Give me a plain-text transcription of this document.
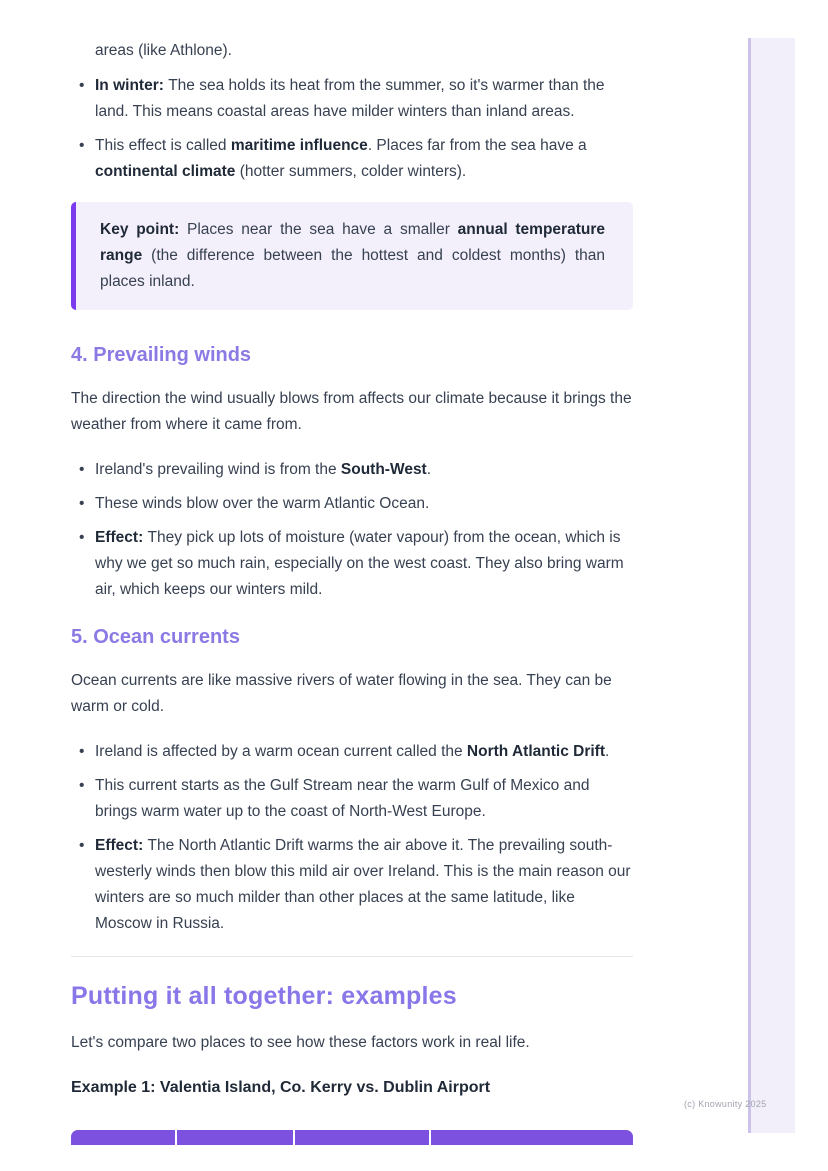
(c) Knowunity 2025

areas (like Athlone).

• In winter: The sea holds its heat from the summer, so it's warmer than the land. This means coastal areas have milder winters than inland areas.
• This effect is called maritime influence. Places far from the sea have a continental climate (hotter summers, colder winters).
Key point: Places near the sea have a smaller annual temperature range (the difference between the hottest and coldest months) than places inland.
4. Prevailing winds

The direction the wind usually blows from affects our climate because it brings the weather from where it came from.

• Ireland's prevailing wind is from the South-West.
• These winds blow over the warm Atlantic Ocean.
• Effect: They pick up lots of moisture (water vapour) from the ocean, which is why we get so much rain, especially on the west coast. They also bring warm air, which keeps our winters mild.
5. Ocean currents

Ocean currents are like massive rivers of water flowing in the sea. They can be warm or cold.

• Ireland is affected by a warm ocean current called the North Atlantic Drift.
• This current starts as the Gulf Stream near the warm Gulf of Mexico and brings warm water up to the coast of North-West Europe.
• Effect: The North Atlantic Drift warms the air above it. The prevailing south-westerly winds then blow this mild air over Ireland. This is the main reason our winters are so much milder than other places at the same latitude, like Moscow in Russia.
Putting it all together: examples

Let's compare two places to see how these factors work in real life.

Example 1: Valentia Island, Co. Kerry vs. Dublin Airport
